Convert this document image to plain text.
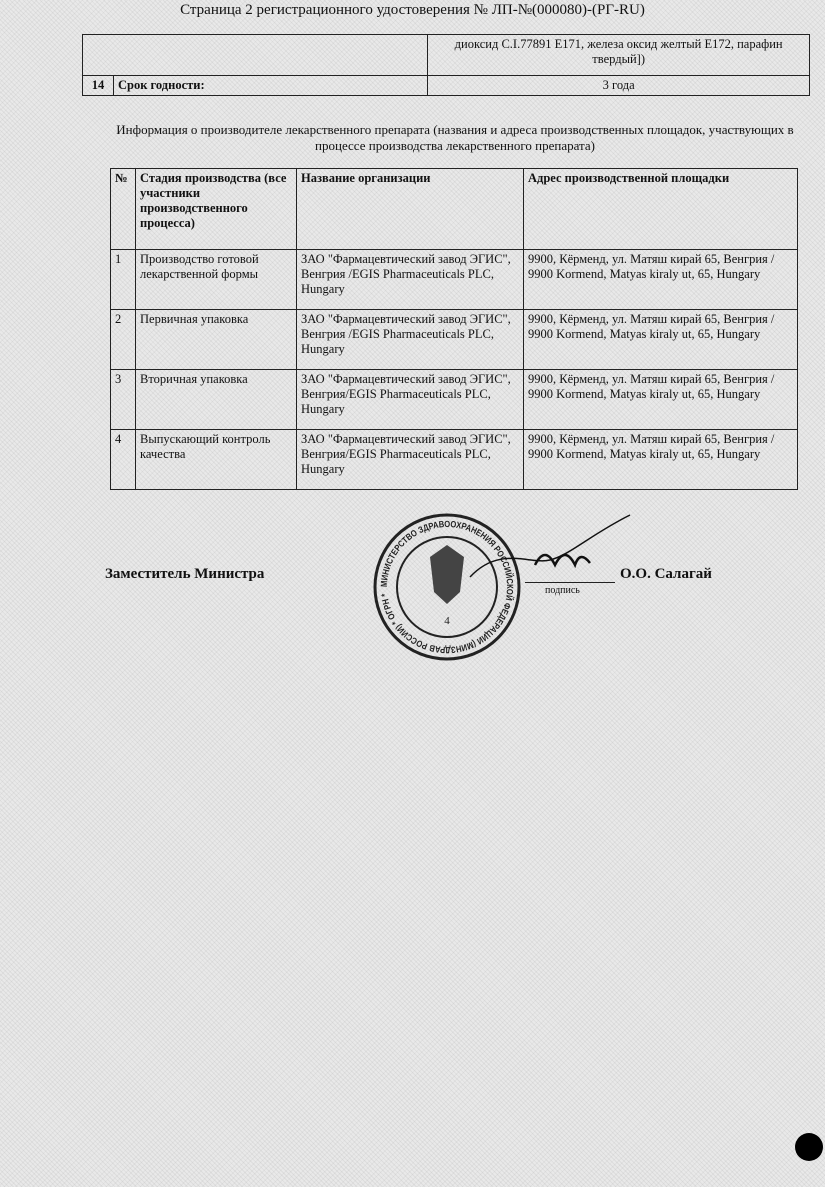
Страница 2 регистрационного удостоверения № ЛП-№(000080)-(РГ-RU)
		диоксид C.I.77891 E171, железа оксид желтый E172, парафин твердый])
14	Срок годности:	3 года
Информация о производителе лекарственного препарата (названия и адреса производственных площадок, участвующих в процессе производства лекарственного препарата)
№	Стадия производства (все участники производственного процесса)	Название организации	Адрес производственной площадки
1	Производство готовой лекарственной формы	ЗАО "Фармацевтический завод ЭГИС", Венгрия /EGIS Pharmaceuticals PLC, Hungary	9900, Кёрменд, ул. Матяш кирай 65, Венгрия / 9900 Kormend, Matyas kiraly ut, 65, Hungary
2	Первичная упаковка	ЗАО "Фармацевтический завод ЭГИС", Венгрия /EGIS Pharmaceuticals PLC, Hungary	9900, Кёрменд, ул. Матяш кирай 65, Венгрия / 9900 Kormend, Matyas kiraly ut, 65, Hungary
3	Вторичная упаковка	ЗАО "Фармацевтический завод ЭГИС", Венгрия/EGIS Pharmaceuticals PLC, Hungary	9900, Кёрменд, ул. Матяш кирай 65, Венгрия / 9900 Kormend, Matyas kiraly ut, 65, Hungary
4	Выпускающий контроль качества	ЗАО "Фармацевтический завод ЭГИС", Венгрия/EGIS Pharmaceuticals PLC, Hungary	9900, Кёрменд, ул. Матяш кирай 65, Венгрия / 9900 Kormend, Matyas kiraly ut, 65, Hungary
Заместитель Министра	О.О. Салагай
подпись
МИНИСТЕРСТВО ЗДРАВООХРАНЕНИЯ РОССИЙСКОЙ ФЕДЕРАЦИИ (МИНЗДРАВ РОССИИ) * ОГРН *
4
